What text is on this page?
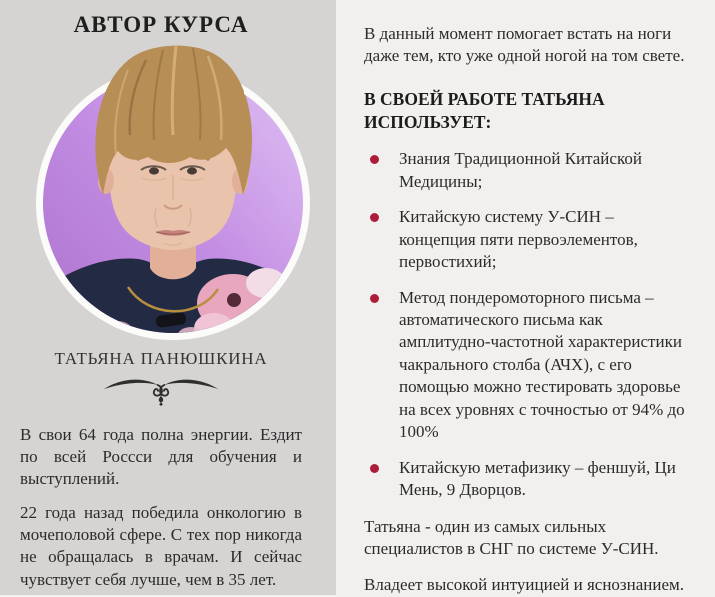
АВТОР КУРСА
ТАТЬЯНА ПАНЮШКИНА

В свои 64 года полна энергии. Ездит по всей Россси для обучения и выступлений.

22 года назад победила онкологию в мочеполовой сфере. С тех пор никогда не обращалась в врачам. И сейчас чувствует себя лучше, чем в 35 лет.

В данный момент помогает встать на ноги даже тем, кто уже одной ногой на том свете.

В СВОЕЙ РАБОТЕ ТАТЬЯНА ИСПОЛЬЗУЕТ:
Знания Традиционной Китайской Медицины;
Китайскую систему У-СИН – концепция пяти первоэлементов, первостихий;
Метод пондеромоторного письма – автоматического письма как амплитудно-частотной характеристики чакрального столба (АЧХ), с его помощью можно тестировать здоровье на всех уровнях с точностью от 94% до 100%
Китайскую метафизику – феншуй, Ци Мень, 9 Дворцов.

Татьяна - один из самых сильных специалистов в СНГ по системе У-СИН.

Владеет высокой интуицией и яснознанием.
